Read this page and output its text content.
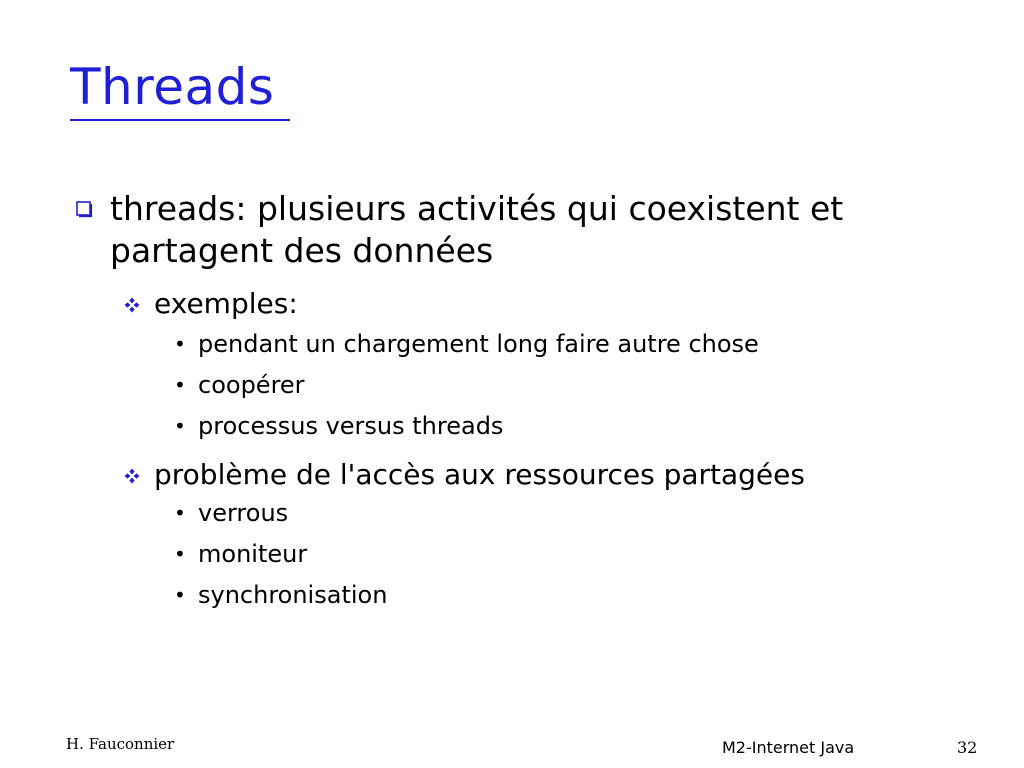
Threads
threads: plusieurs activités qui coexistent et partagent des données
exemples:
• pendant un chargement long faire autre chose
• coopérer
• processus versus threads
problème de l'accès aux ressources partagées
• verrous
• moniteur
• synchronisation
H. Fauconnier	M2-Internet Java	32
